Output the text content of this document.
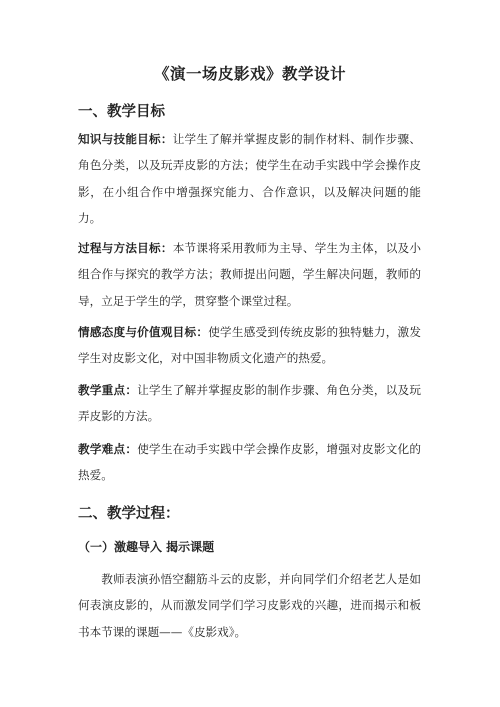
《演一场皮影戏》教学设计
一、教学目标

知识与技能目标：让学生了解并掌握皮影的制作材料、制作步骤、角色分类，以及玩弄皮影的方法；使学生在动手实践中学会操作皮影，在小组合作中增强探究能力、合作意识，以及解决问题的能力。

过程与方法目标：本节课将采用教师为主导、学生为主体，以及小组合作与探究的教学方法；教师提出问题，学生解决问题，教师的导，立足于学生的学，贯穿整个课堂过程。

情感态度与价值观目标：使学生感受到传统皮影的独特魅力，激发学生对皮影文化，对中国非物质文化遗产的热爱。

教学重点：让学生了解并掌握皮影的制作步骤、角色分类，以及玩弄皮影的方法。

教学难点：使学生在动手实践中学会操作皮影，增强对皮影文化的热爱。

二、教学过程：
（一）激趣导入 揭示课题

教师表演孙悟空翻筋斗云的皮影，并向同学们介绍老艺人是如何表演皮影的，从而激发同学们学习皮影戏的兴趣，进而揭示和板书本节课的课题——《皮影戏》。
